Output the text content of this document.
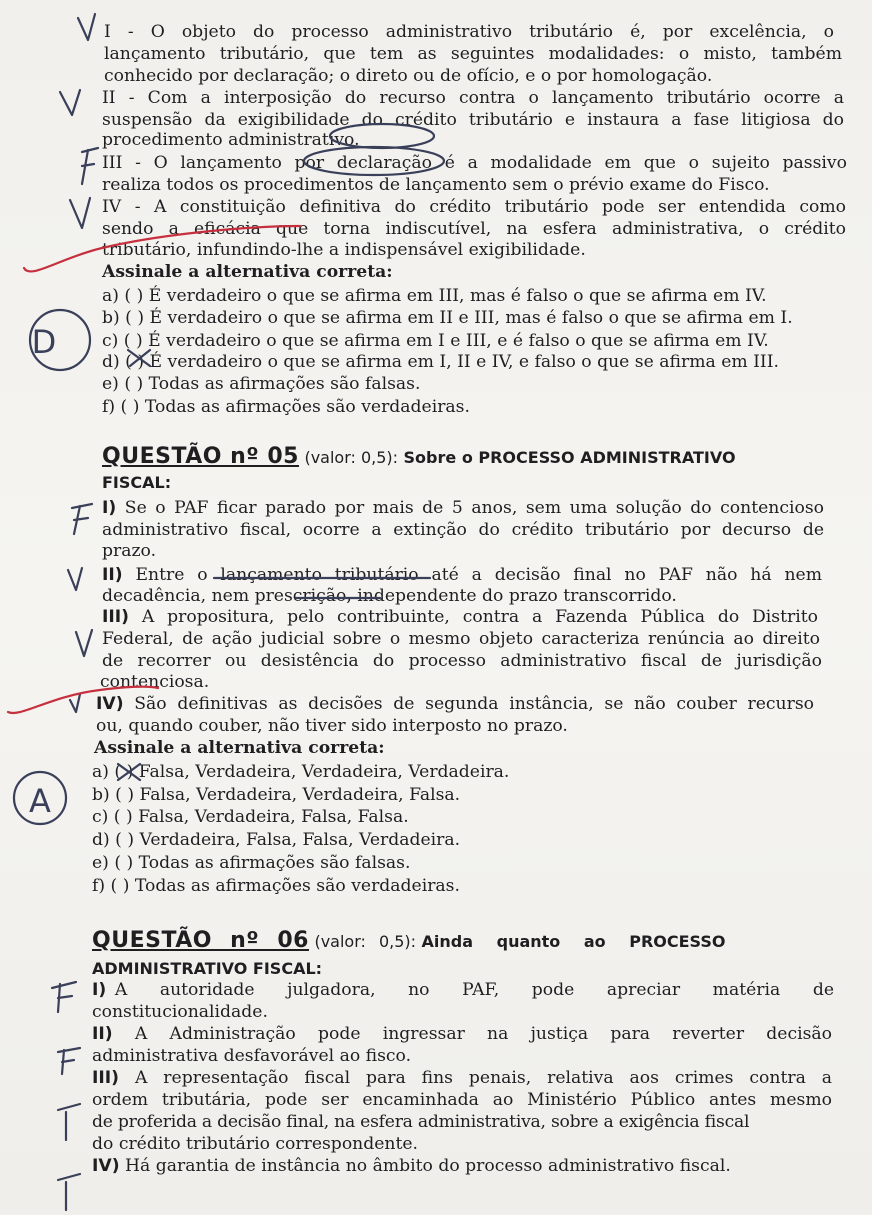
I - O objeto do processo administrativo tributário é, por excelência, o
lançamento tributário, que tem as seguintes modalidades: o misto, também
conhecido por declaração; o direto ou de ofício, e o por homologação.
II - Com a interposição do recurso contra o lançamento tributário ocorre a
suspensão da exigibilidade do crédito tributário e instaura a fase litigiosa do
procedimento administrativo.
III - O lançamento por declaração é a modalidade em que o sujeito passivo
realiza todos os procedimentos de lançamento sem o prévio exame do Fisco.
IV - A constituição definitiva do crédito tributário pode ser entendida como
sendo a eficácia que torna indiscutível, na esfera administrativa, o crédito
tributário, infundindo-lhe a indispensável exigibilidade.
Assinale a alternativa correta:
a) ( ) É verdadeiro o que se afirma em III, mas é falso o que se afirma em IV.
b) ( ) É verdadeiro o que se afirma em II e III, mas é falso o que se afirma em I.
c) ( ) É verdadeiro o que se afirma em I e III, e é falso o que se afirma em IV.
d) ( ) É verdadeiro o que se afirma em I, II e IV, e falso o que se afirma em III.
e) ( ) Todas as afirmações são falsas.
f) ( ) Todas as afirmações são verdadeiras.
QUESTÃO nº 05 (valor: 0,5): Sobre o PROCESSO ADMINISTRATIVO
FISCAL:
I) Se o PAF ficar parado por mais de 5 anos, sem uma solução do contencioso
administrativo fiscal, ocorre a extinção do crédito tributário por decurso de
prazo.
II) Entre o lançamento tributário até a decisão final no PAF não há nem
decadência, nem prescrição, independente do prazo transcorrido.
III) A propositura, pelo contribuinte, contra a Fazenda Pública do Distrito
Federal, de ação judicial sobre o mesmo objeto caracteriza renúncia ao direito
de recorrer ou desistência do processo administrativo fiscal de jurisdição
contenciosa.
IV) São definitivas as decisões de segunda instância, se não couber recurso
ou, quando couber, não tiver sido interposto no prazo.
Assinale a alternativa correta:
a) ( ) Falsa, Verdadeira, Verdadeira, Verdadeira.
b) ( ) Falsa, Verdadeira, Verdadeira, Falsa.
c) ( ) Falsa, Verdadeira, Falsa, Falsa.
d) ( ) Verdadeira, Falsa, Falsa, Verdadeira.
e) ( ) Todas as afirmações são falsas.
f) ( ) Todas as afirmações são verdadeiras.
QUESTÃO nº 06 (valor: 0,5): Ainda quanto ao PROCESSO
ADMINISTRATIVO FISCAL:
I) A autoridade julgadora, no PAF, pode apreciar matéria de
constitucionalidade.
II) A Administração pode ingressar na justiça para reverter decisão
administrativa desfavorável ao fisco.
III) A representação fiscal para fins penais, relativa aos crimes contra a
ordem tributária, pode ser encaminhada ao Ministério Público antes mesmo
de proferida a decisão final, na esfera administrativa, sobre a exigência fiscal
do crédito tributário correspondente.
IV) Há garantia de instância no âmbito do processo administrativo fiscal.
D
A
